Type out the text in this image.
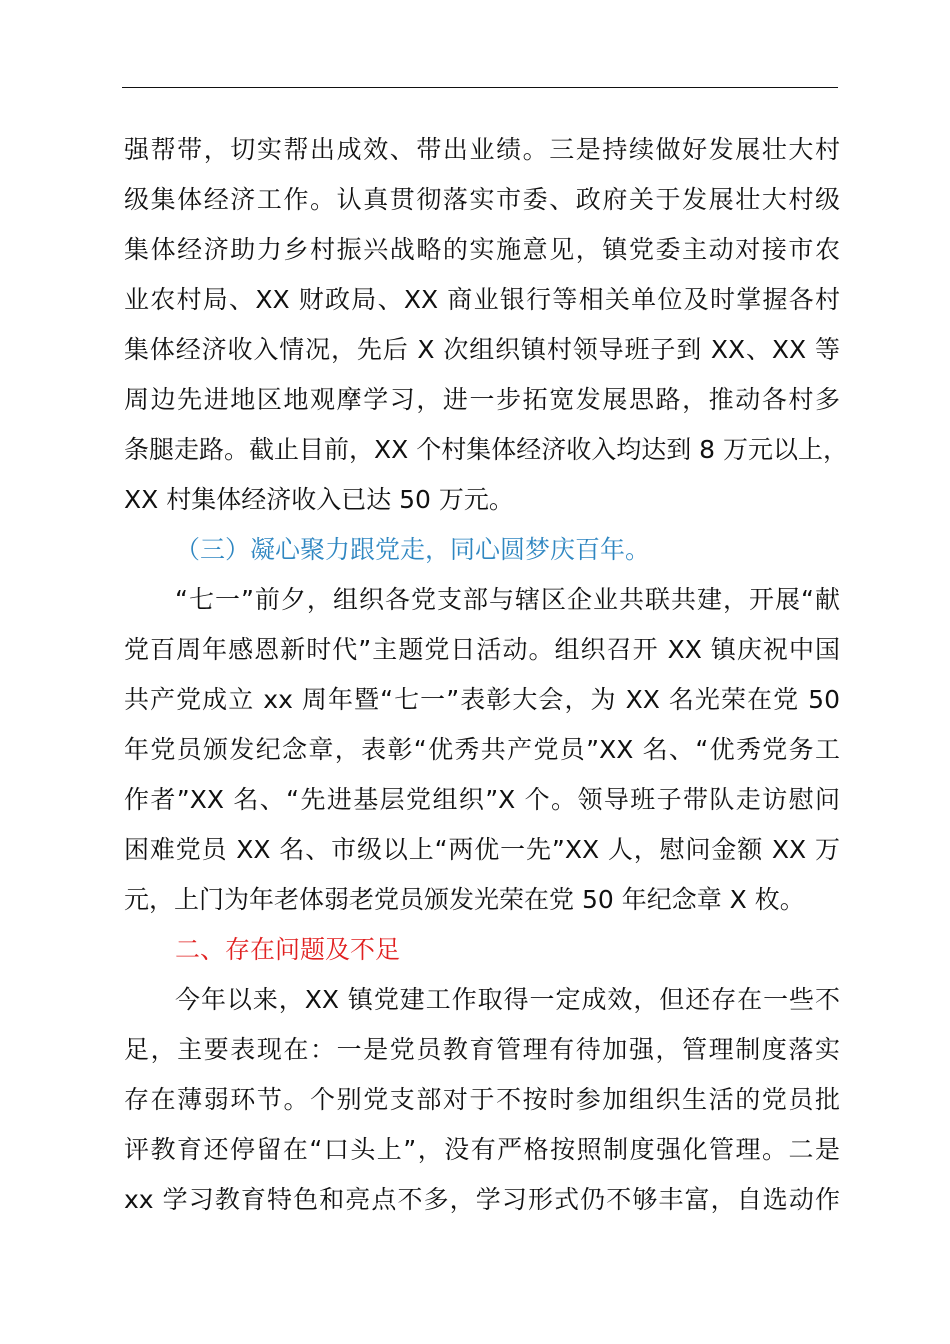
强帮带，切实帮出成效、带出业绩。三是持续做好发展壮大村
级集体经济工作。认真贯彻落实市委、政府关于发展壮大村级
集体经济助力乡村振兴战略的实施意见，镇党委主动对接市农
业农村局、XX 财政局、XX 商业银行等相关单位及时掌握各村
集体经济收入情况，先后 X 次组织镇村领导班子到 XX、XX 等
周边先进地区地观摩学习，进一步拓宽发展思路，推动各村多
条腿走路。截止目前，XX 个村集体经济收入均达到 8 万元以上，
XX 村集体经济收入已达 50 万元。
（三）凝心聚力跟党走，同心圆梦庆百年。
“七一”前夕，组织各党支部与辖区企业共联共建，开展“献
党百周年感恩新时代”主题党日活动。组织召开 XX 镇庆祝中国
共产党成立 xx 周年暨“七一”表彰大会，为 XX 名光荣在党 50
年党员颁发纪念章，表彰“优秀共产党员”XX 名、“优秀党务工
作者”XX 名、“先进基层党组织”X 个。领导班子带队走访慰问
困难党员 XX 名、市级以上“两优一先”XX 人，慰问金额 XX 万
元，上门为年老体弱老党员颁发光荣在党 50 年纪念章 X 枚。
二、存在问题及不足
今年以来，XX 镇党建工作取得一定成效，但还存在一些不
足，主要表现在：一是党员教育管理有待加强，管理制度落实
存在薄弱环节。个别党支部对于不按时参加组织生活的党员批
评教育还停留在“口头上”，没有严格按照制度强化管理。二是
xx 学习教育特色和亮点不多，学习形式仍不够丰富，自选动作
